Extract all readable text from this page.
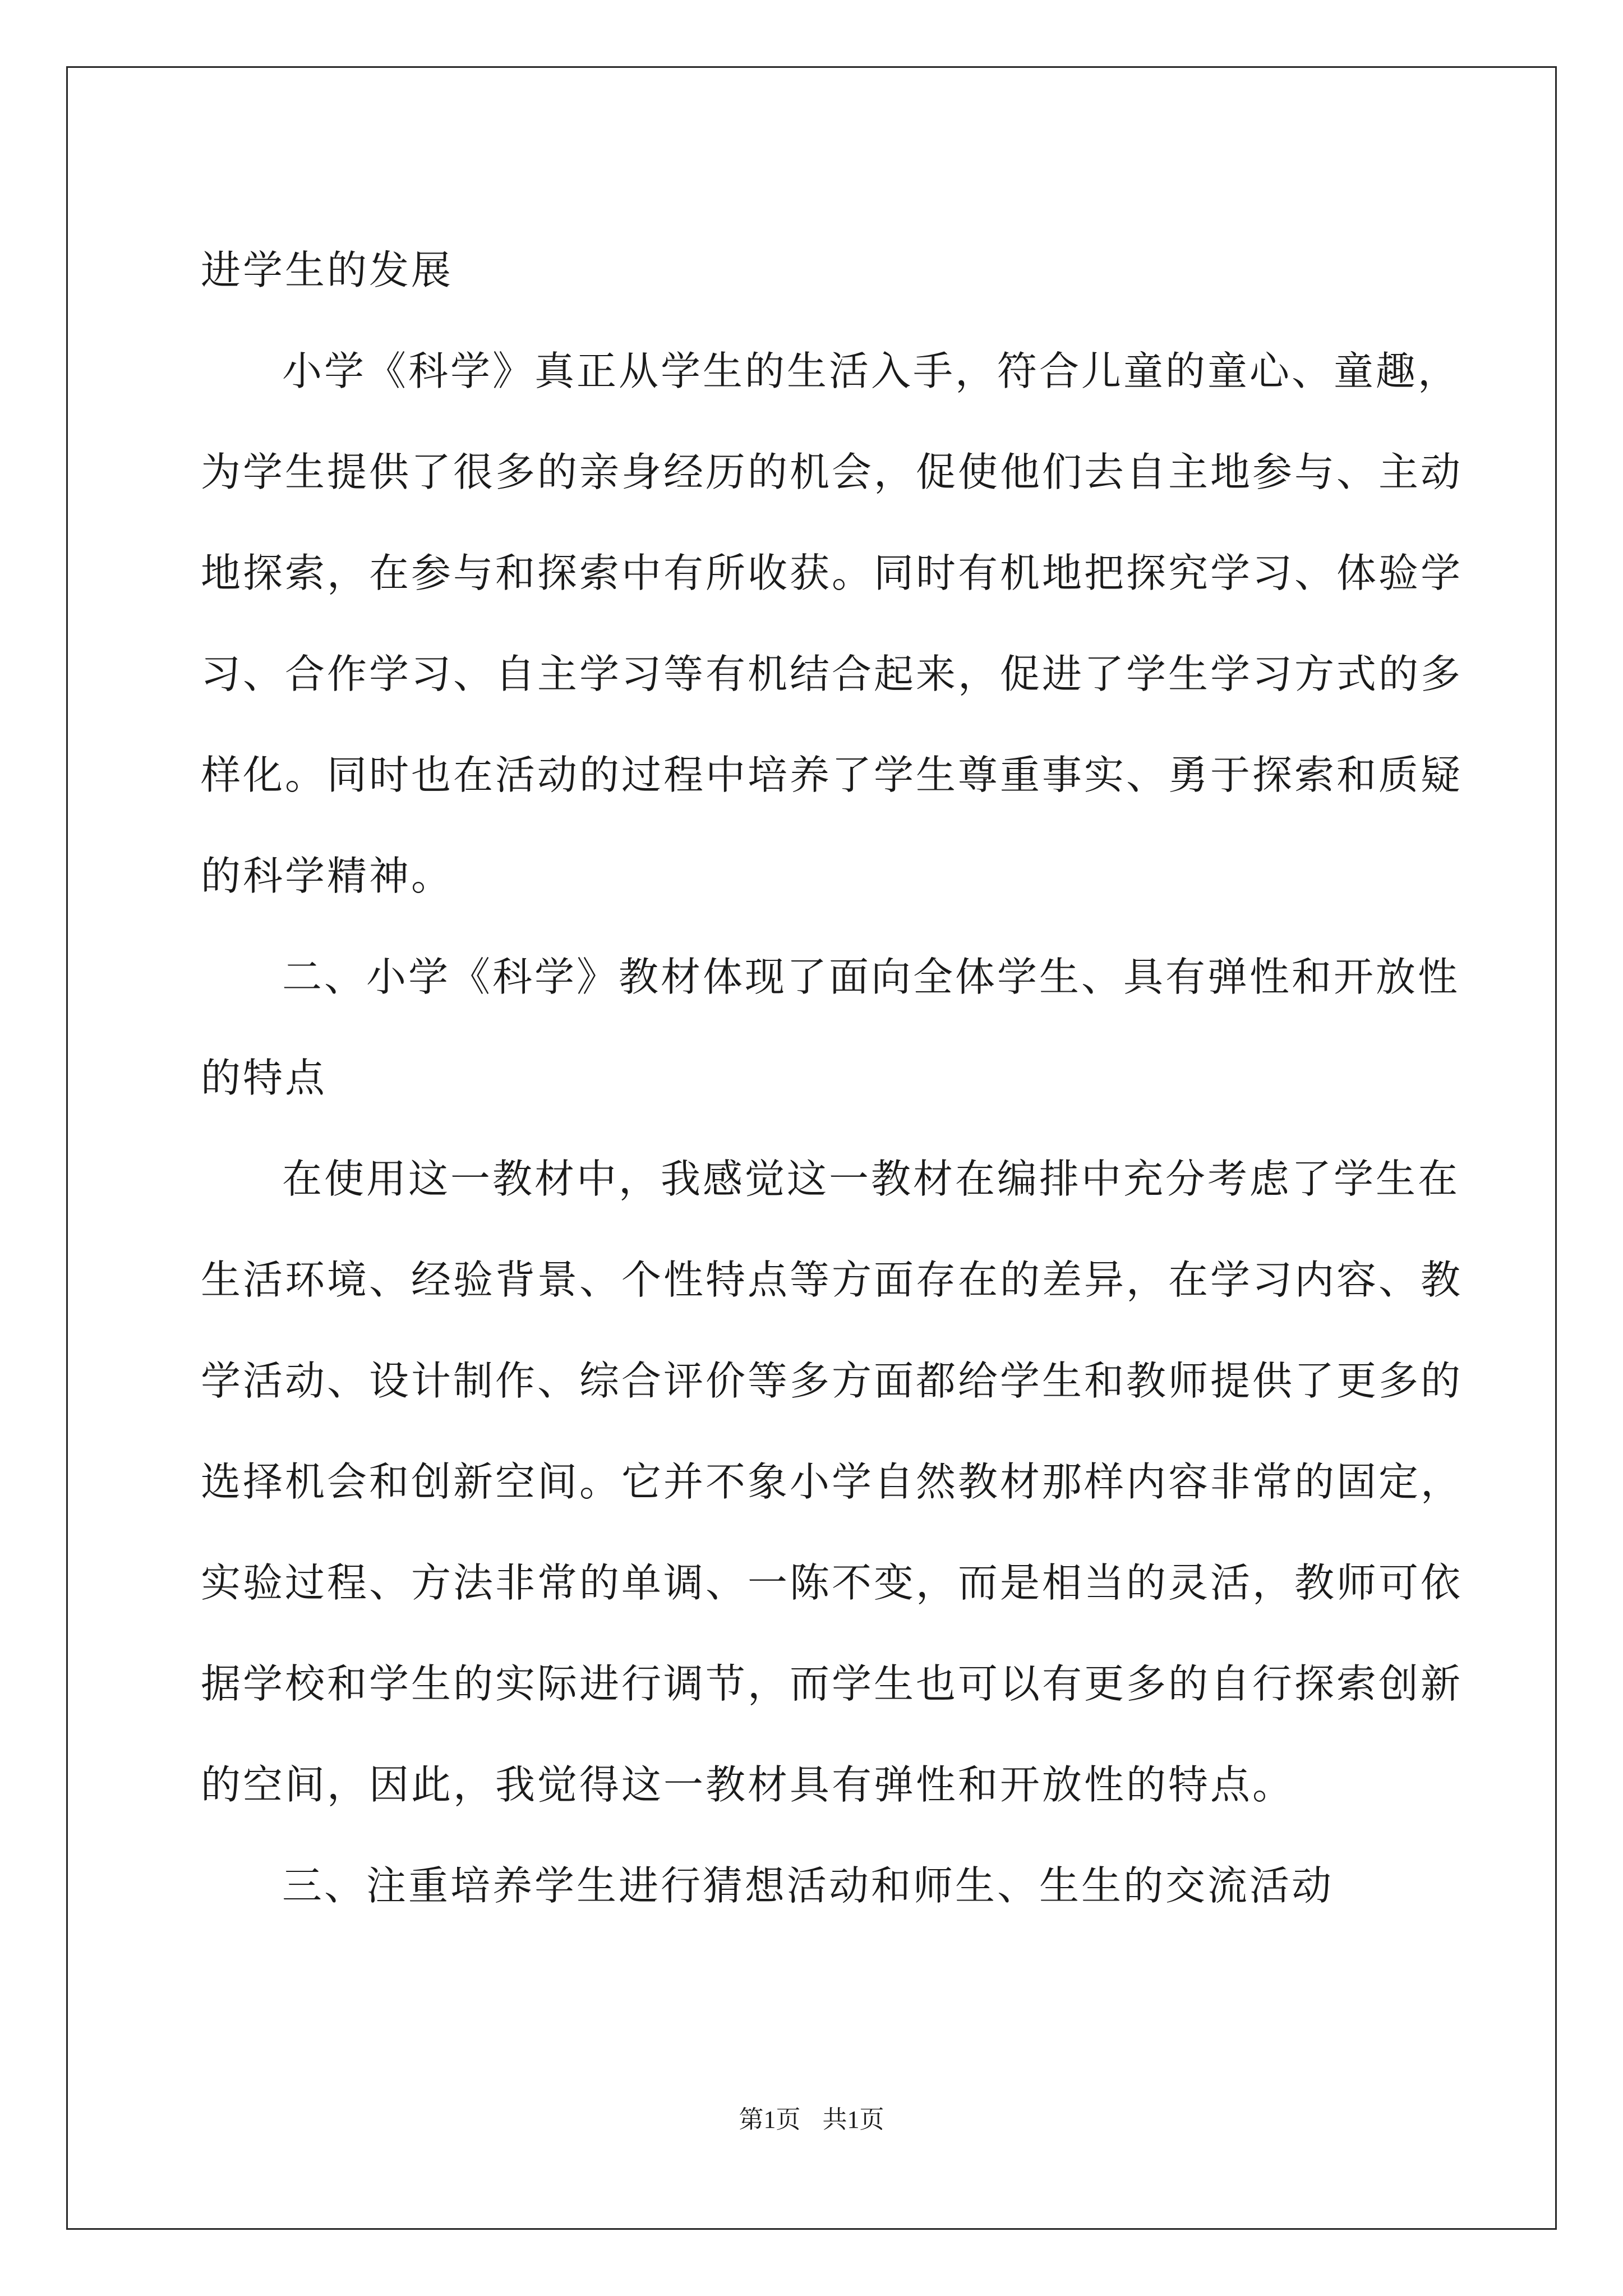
进学生的发展
小学《科学》真正从学生的生活入手，符合儿童的童心、童趣，
为学生提供了很多的亲身经历的机会，促使他们去自主地参与、主动
地探索，在参与和探索中有所收获。同时有机地把探究学习、体验学
习、合作学习、自主学习等有机结合起来，促进了学生学习方式的多
样化。同时也在活动的过程中培养了学生尊重事实、勇于探索和质疑
的科学精神。
二、小学《科学》教材体现了面向全体学生、具有弹性和开放性
的特点
在使用这一教材中，我感觉这一教材在编排中充分考虑了学生在
生活环境、经验背景、个性特点等方面存在的差异，在学习内容、教
学活动、设计制作、综合评价等多方面都给学生和教师提供了更多的
选择机会和创新空间。它并不象小学自然教材那样内容非常的固定，
实验过程、方法非常的单调、一陈不变，而是相当的灵活，教师可依
据学校和学生的实际进行调节，而学生也可以有更多的自行探索创新
的空间，因此，我觉得这一教材具有弹性和开放性的特点。
三、注重培养学生进行猜想活动和师生、生生的交流活动
第1页 共1页
